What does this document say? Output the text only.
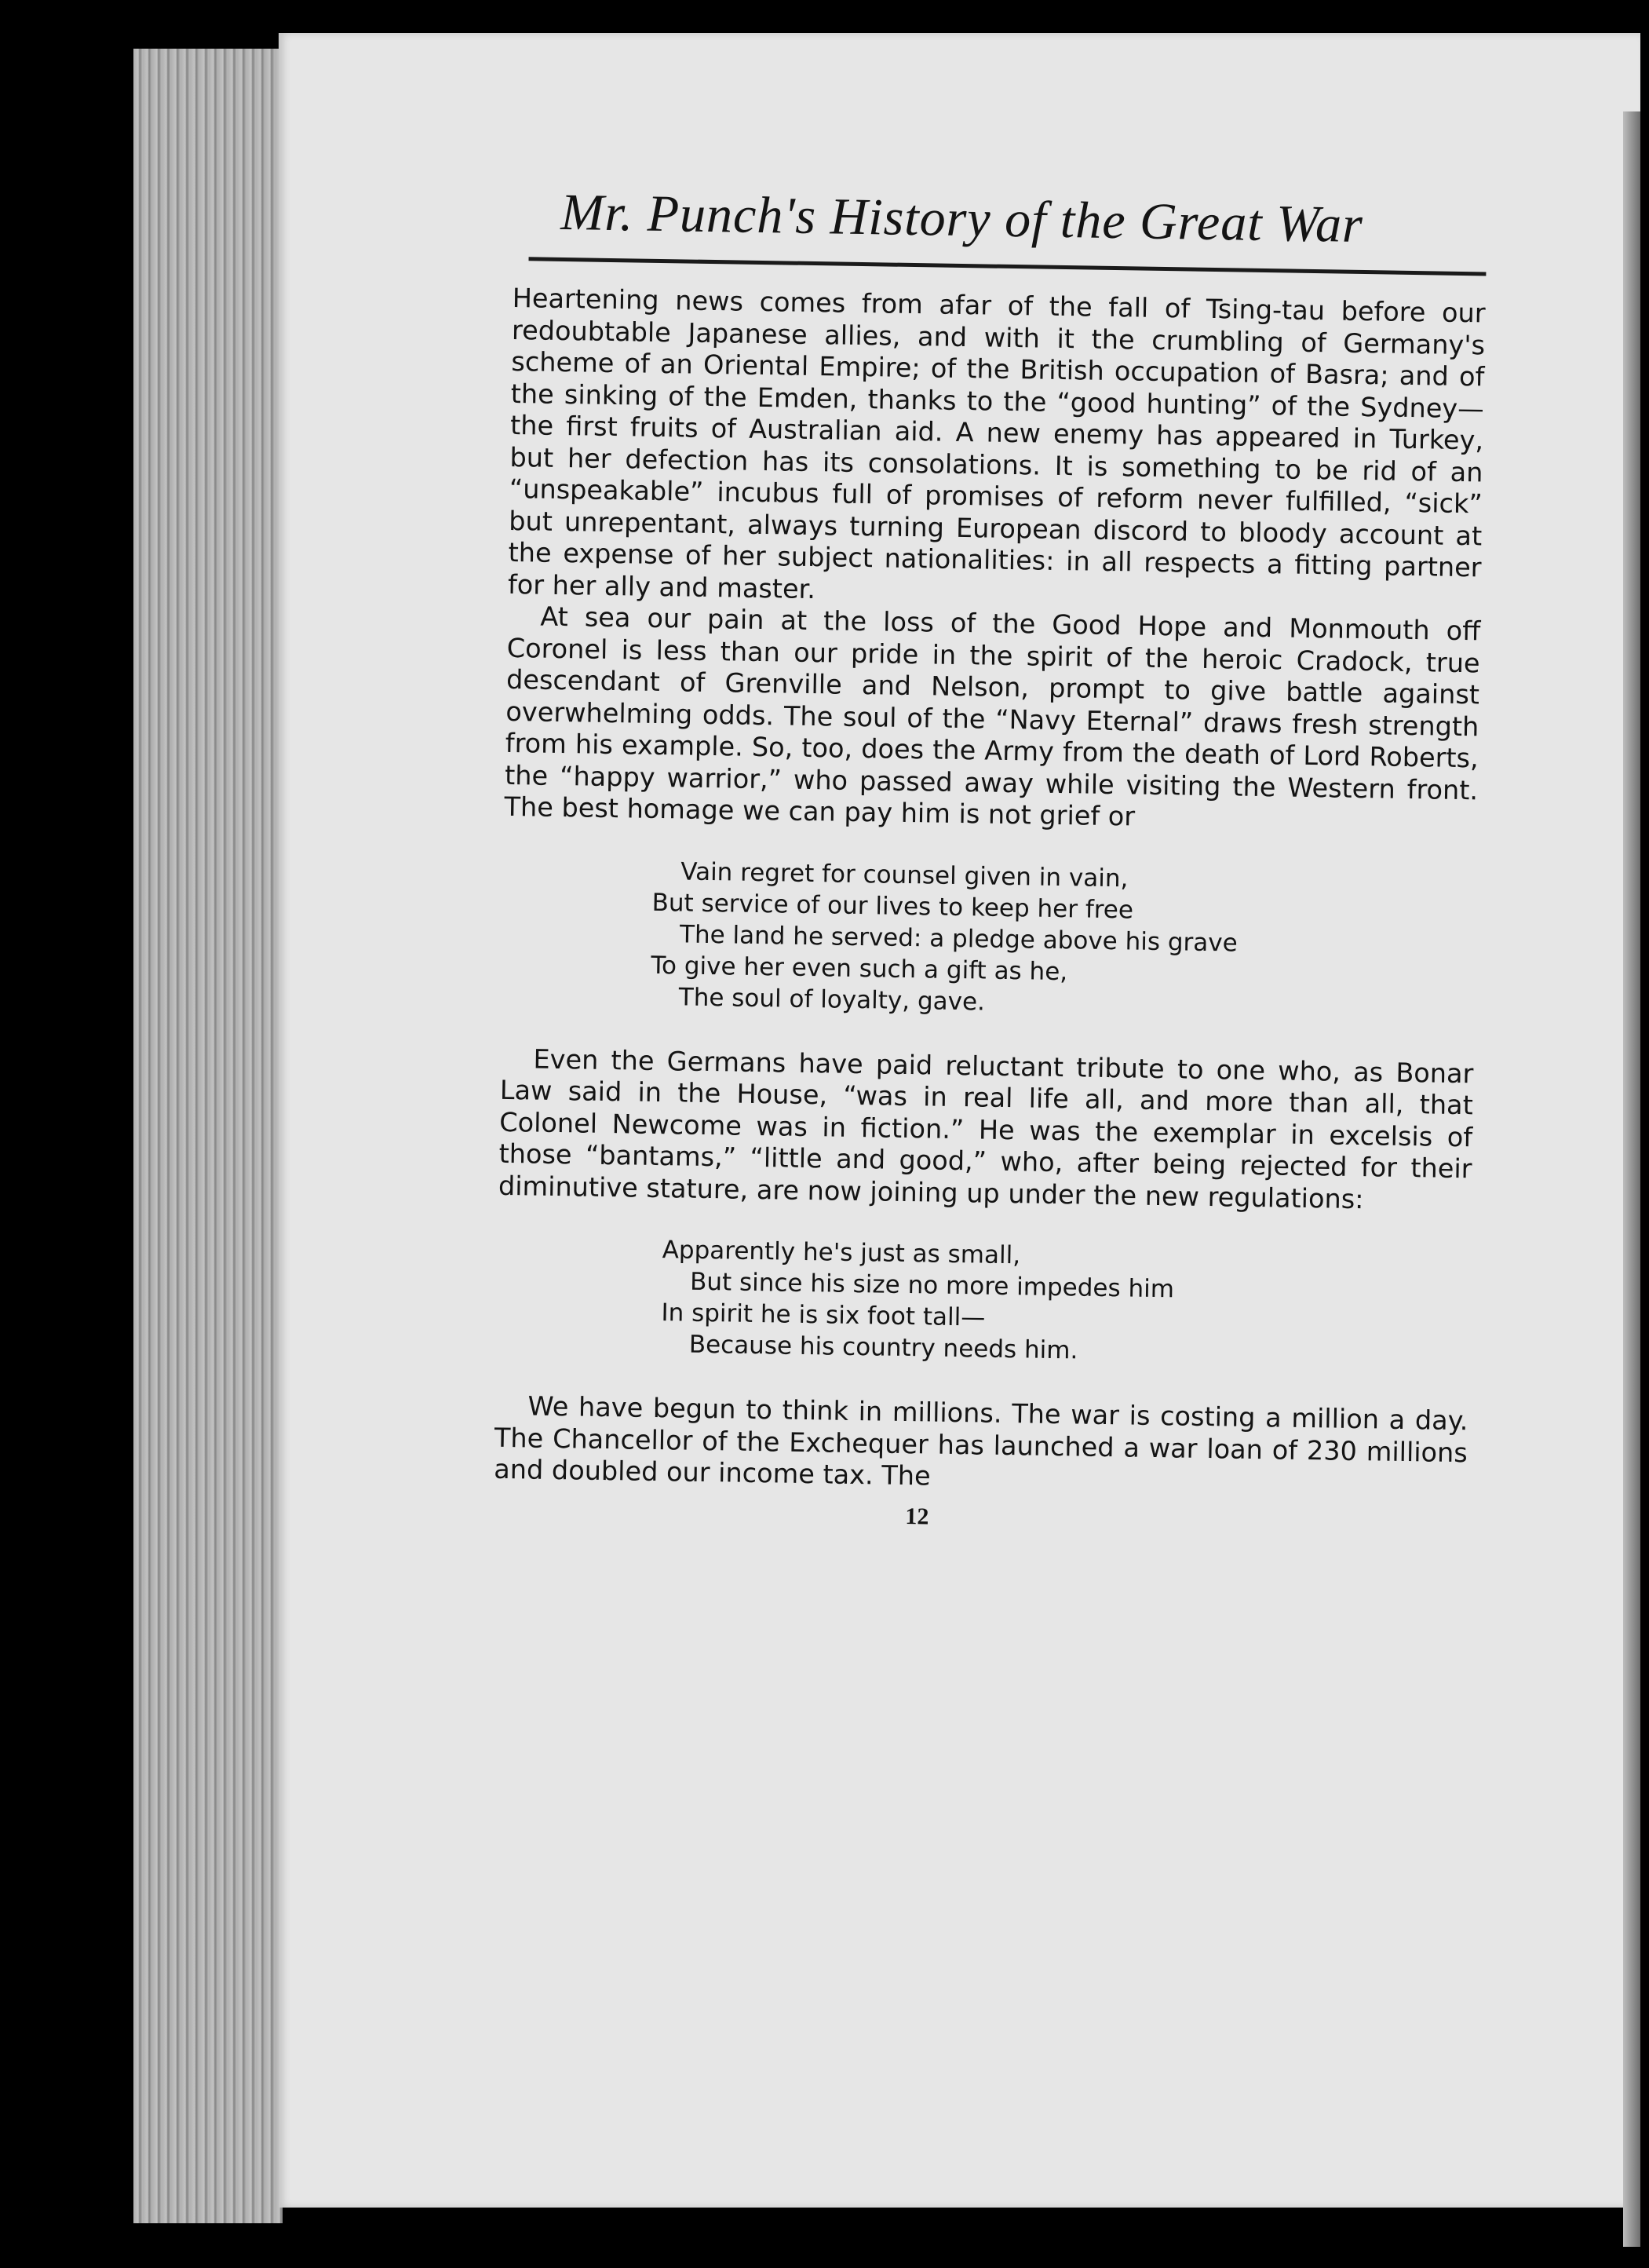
Mr. Punch's History of the Great War

Heartening news comes from afar of the fall of Tsing-tau before our redoubtable Japanese allies, and with it the crumbling of Germany's scheme of an Oriental Empire; of the British occupation of Basra; and of the sinking of the Emden, thanks to the “good hunting” of the Sydney—the first fruits of Australian aid. A new enemy has appeared in Turkey, but her defection has its consolations. It is something to be rid of an “unspeakable” incubus full of promises of reform never fulfilled, “sick” but unrepentant, always turning European discord to bloody account at the expense of her subject nationalities: in all respects a fitting partner for her ally and master.

At sea our pain at the loss of the Good Hope and Monmouth off Coronel is less than our pride in the spirit of the heroic Cradock, true descendant of Grenville and Nelson, prompt to give battle against overwhelming odds. The soul of the “Navy Eternal” draws fresh strength from his example. So, too, does the Army from the death of Lord Roberts, the “happy warrior,” who passed away while visiting the Western front. The best homage we can pay him is not grief or

Vain regret for counsel given in vain,
But service of our lives to keep her free
The land he served: a pledge above his grave
To give her even such a gift as he,
The soul of loyalty, gave.

Even the Germans have paid reluctant tribute to one who, as Bonar Law said in the House, “was in real life all, and more than all, that Colonel Newcome was in fiction.” He was the exemplar in excelsis of those “bantams,” “little and good,” who, after being rejected for their diminutive stature, are now joining up under the new regulations:

Apparently he's just as small,
But since his size no more impedes him
In spirit he is six foot tall—
Because his country needs him.

We have begun to think in millions. The war is costing a million a day. The Chancellor of the Exchequer has launched a war loan of 230 millions and doubled our income tax. The

12
